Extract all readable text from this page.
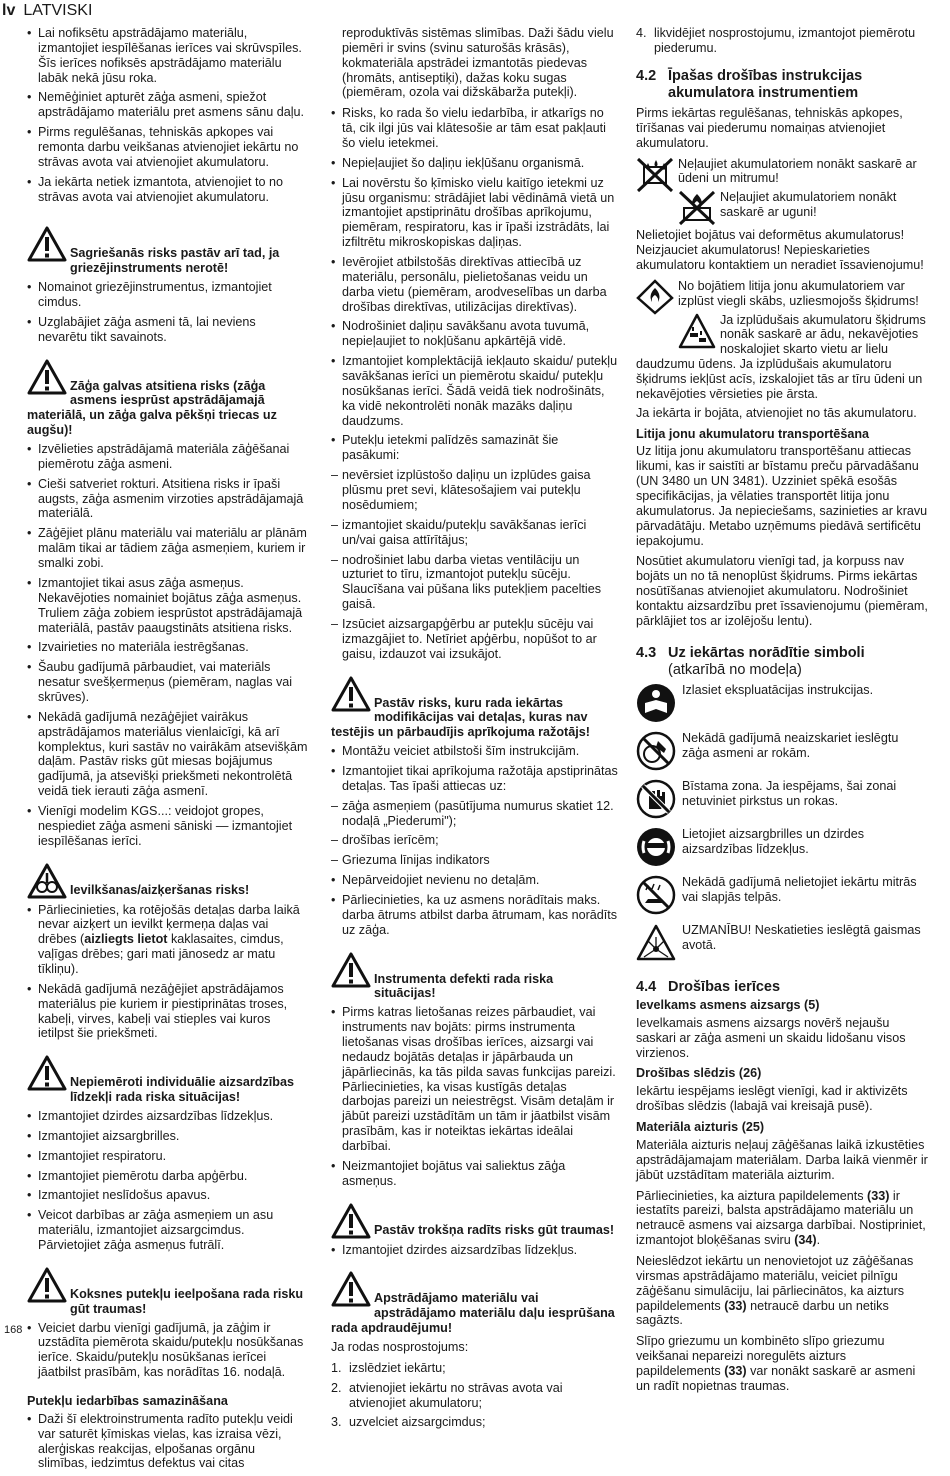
lv LATVISKI
• Lai nofiksētu apstrādājamo materiālu, izmantojiet iespīlēšanas ierīces vai skrūvspīles. Šīs ierīces nofiksēs apstrādājamo materiālu labāk nekā jūsu roka.
• Nemēģiniet apturēt zāģa asmeni, spiežot apstrādājamo materiālu pret asmens sānu daļu.
• Pirms regulēšanas, tehniskās apkopes vai remonta darbu veikšanas atvienojiet iekārtu no strāvas avota vai atvienojiet akumulatoru.
• Ja iekārta netiek izmantota, atvienojiet to no strāvas avota vai atvienojiet akumulatoru.
Sagriešanās risks pastāv arī tad, ja griezējinstruments nerotē!
• Nomainot griezējinstrumentus, izmantojiet cimdus.
• Uzglabājiet zāģa asmeni tā, lai neviens nevarētu tikt savainots.
Zāģa galvas atsitiena risks (zāģa asmens iesprūst apstrādājamajā materiālā, un zāģa galva pēkšņi triecas uz augšu)!
• Izvēlieties apstrādājamā materiāla zāģēšanai piemērotu zāģa asmeni.
• Cieši satveriet rokturi. Atsitiena risks ir īpaši augsts, zāģa asmenim virzoties apstrādājamajā materiālā.
• Zāģējiet plānu materiālu vai materiālu ar plānām malām tikai ar tādiem zāģa asmeņiem, kuriem ir smalki zobi.
• Izmantojiet tikai asus zāģa asmeņus. Nekavējoties nomainiet bojātus zāģa asmeņus. Truliem zāģa zobiem iesprūstot apstrādājamajā materiālā, pastāv paaugstināts atsitiena risks.
• Izvairieties no materiāla iestrēgšanas.
• Šaubu gadījumā pārbaudiet, vai materiāls nesatur svešķermeņus (piemēram, naglas vai skrūves).
• Nekādā gadījumā nezāģējiet vairākus apstrādājamos materiālus vienlaicīgi, kā arī komplektus, kuri sastāv no vairākām atsevišķām daļām. Pastāv risks gūt miesas bojājumus gadījumā, ja atsevišķi priekšmeti nekontrolētā veidā tiek ierauti zāģa asmenī.
• Vienīgi modelim KGS...: veidojot gropes, nespiediet zāģa asmeni sāniski — izmantojiet iespīlēšanas ierīci.
Ievilkšanas/aizķeršanas risks!
• Pārliecinieties, ka rotējošās detaļas darba laikā nevar aizķert un ievilkt ķermeņa daļas vai drēbes (aizliegts lietot kaklasaites, cimdus, vaļīgas drēbes; gari mati jānosedz ar matu tīkliņu).
• Nekādā gadījumā nezāģējiet apstrādājamos materiālus pie kuriem ir piestiprinātas troses, kabeļi, virves, kabeļi vai stieples vai kuros ietilpst šie priekšmeti.
Nepiemēroti individuālie aizsardzības līdzekļi rada riska situācijas!
• Izmantojiet dzirdes aizsardzības līdzekļus.
• Izmantojiet aizsargbrilles.
• Izmantojiet respiratoru.
• Izmantojiet piemērotu darba apģērbu.
• Izmantojiet neslīdošus apavus.
• Veicot darbības ar zāģa asmeņiem un asu materiālu, izmantojiet aizsargcimdus. Pārvietojiet zāģa asmeņus futrālī.
Koksnes putekļu ieelpošana rada risku gūt traumas!
• Veiciet darbu vienīgi gadījumā, ja zāģim ir uzstādīta piemērota skaidu/putekļu nosūkšanas ierīce. Skaidu/putekļu nosūkšanas ierīcei jāatbilst prasībām, kas norādītas 16. nodaļā.
Putekļu iedarbības samazināšana
• Daži šī elektroinstrumenta radīto putekļu veidi var saturēt ķīmiskas vielas, kas izraisa vēzi, alerģiskas reakcijas, elpošanas orgānu slimības, iedzimtus defektus vai citas

reproduktīvās sistēmas slimības. Daži šādu vielu piemēri ir svins (svinu saturošās krāsās), kokmateriāla apstrādei izmantotās piedevas (hromāts, antiseptiķi), dažas koku sugas (piemēram, ozola vai dižskābarža putekļi).

• Risks, ko rada šo vielu iedarbība, ir atkarīgs no tā, cik ilgi jūs vai klātesošie ar tām esat pakļauti šo vielu ietekmei.
• Nepieļaujiet šo daļiņu iekļūšanu organismā.
• Lai novērstu šo ķīmisko vielu kaitīgo ietekmi uz jūsu organismu: strādājiet labi vēdināmā vietā un izmantojiet apstiprinātu drošības aprīkojumu, piemēram, respiratoru, kas ir īpaši izstrādāts, lai izfiltrētu mikroskopiskas daļiņas.
• Ievērojiet atbilstošās direktīvas attiecībā uz materiālu, personālu, pielietošanas veidu un darba vietu (piemēram, arodveselības un darba drošības direktīvas, utilizācijas direktīvas).
• Nodrošiniet daļiņu savākšanu avota tuvumā, nepieļaujiet to nokļūšanu apkārtējā vidē.
• Izmantojiet komplektācijā iekļauto skaidu/ putekļu savākšanas ierīci un piemērotu skaidu/ putekļu nosūkšanas ierīci. Šādā veidā tiek nodrošināts, ka vidē nekontrolēti nonāk mazāks daļiņu daudzums.
• Putekļu ietekmi palīdzēs samazināt šie pasākumi:
– nevērsiet izplūstošo daļiņu un izplūdes gaisa plūsmu pret sevi, klātesošajiem vai putekļu nosēdumiem;
– izmantojiet skaidu/putekļu savākšanas ierīci un/vai gaisa attīrītājus;
– nodrošiniet labu darba vietas ventilāciju un uzturiet to tīru, izmantojot putekļu sūcēju. Slaucīšana vai pūšana liks putekļiem pacelties gaisā.
– Izsūciet aizsargapģērbu ar putekļu sūcēju vai izmazgājiet to. Netīriet apģērbu, nopūšot to ar gaisu, izdauzot vai izsukājot.
Pastāv risks, kuru rada iekārtas modifikācijas vai detaļas, kuras nav testējis un pārbaudījis aprīkojuma ražotājs!
• Montāžu veiciet atbilstoši šīm instrukcijām.
• Izmantojiet tikai aprīkojuma ražotāja apstiprinātas detaļas. Tas īpaši attiecas uz:
– zāģa asmeņiem (pasūtījuma numurus skatiet 12. nodaļā „Piederumi");
– drošības ierīcēm;
– Griezuma līnijas indikators
• Nepārveidojiet nevienu no detaļām.
• Pārliecinieties, ka uz asmens norādītais maks. darba ātrums atbilst darba ātrumam, kas norādīts uz zāģa.
Instrumenta defekti rada riska situācijas!
• Pirms katras lietošanas reizes pārbaudiet, vai instruments nav bojāts: pirms instrumenta lietošanas visas drošības ierīces, aizsargi vai nedaudz bojātās detaļas ir jāpārbauda un jāpārliecinās, ka tās pilda savas funkcijas pareizi. Pārliecinieties, ka visas kustīgās detaļas darbojas pareizi un neiestrēgst. Visām detaļām ir jābūt pareizi uzstādītām un tām ir jāatbilst visām prasībām, kas ir noteiktas iekārtas ideālai darbībai.
• Neizmantojiet bojātus vai saliektus zāģa asmeņus.
Pastāv trokšņa radīts risks gūt traumas!
• Izmantojiet dzirdes aizsardzības līdzekļus.
Apstrādājamo materiālu vai apstrādājamo materiālu daļu iesprūšana rada apdraudējumu!

Ja rodas nosprostojums:

1. izslēdziet iekārtu;
2. atvienojiet iekārtu no strāvas avota vai atvienojiet akumulatoru;
3. uzvelciet aizsargcimdus;
4. likvidējiet nosprostojumu, izmantojot piemērotu piederumu.
4.2 Īpašas drošības instrukcijas akumulatora instrumentiem

Pirms iekārtas regulēšanas, tehniskās apkopes, tīrīšanas vai piederumu nomaiņas atvienojiet akumulatoru.

Neļaujiet akumulatoriem nonākt saskarē ar ūdeni un mitrumu!
Neļaujiet akumulatoriem nonākt saskarē ar uguni!

Nelietojiet bojātus vai deformētus akumulatorus! Neizjauciet akumulatorus! Nepieskarieties akumulatoru kontaktiem un neradiet īssavienojumu!

No bojātiem litija jonu akumulatoriem var izplūst viegli skābs, uzliesmojošs šķidrums!
Ja izplūdušais akumulatoru šķidrums nonāk saskarē ar ādu, nekavējoties noskalojiet skarto vietu ar lielu daudzumu ūdens. Ja izplūdušais akumulatoru šķidrums iekļūst acīs, izskalojiet tās ar tīru ūdeni un nekavējoties vērsieties pie ārsta.

Ja iekārta ir bojāta, atvienojiet no tās akumulatoru.

Litija jonu akumulatoru transportēšana

Uz litija jonu akumulatoru transportēšanu attiecas likumi, kas ir saistīti ar bīstamu preču pārvadāšanu (UN 3480 un UN 3481). Uzziniet spēkā esošās specifikācijas, ja vēlaties transportēt litija jonu akumulatorus. Ja nepieciešams, sazinieties ar kravu pārvadātāju. Metabo uzņēmums piedāvā sertificētu iepakojumu.

Nosūtiet akumulatoru vienīgi tad, ja korpuss nav bojāts un no tā nenoplūst šķidrums. Pirms iekārtas nosūtīšanas atvienojiet akumulatoru. Nodrošiniet kontaktu aizsardzību pret īssavienojumu (piemēram, pārklājiet tos ar izolējošu lentu).

4.3 Uz iekārtas norādītie simboli
(atkarībā no modeļa)
Izlasiet ekspluatācijas instrukcijas.
Nekādā gadījumā neaizskariet ieslēgtu zāģa asmeni ar rokām.
Bīstama zona. Ja iespējams, šai zonai netuviniet pirkstus un rokas.
Lietojiet aizsargbrilles un dzirdes aizsardzības līdzekļus.
Nekādā gadījumā nelietojiet iekārtu mitrās vai slapjās telpās.
UZMANĪBU! Neskatieties ieslēgtā gaismas avotā.
4.4 Drošības ierīces
Ievelkams asmens aizsargs (5)

Ievelkamais asmens aizsargs novērš nejaušu saskari ar zāģa asmeni un skaidu lidošanu visos virzienos.

Drošības slēdzis (26)

Iekārtu iespējams ieslēgt vienīgi, kad ir aktivizēts drošības slēdzis (labajā vai kreisajā pusē).

Materiāla aizturis (25)

Materiāla aizturis neļauj zāģēšanas laikā izkustēties apstrādājamajam materiālam. Darba laikā vienmēr ir jābūt uzstādītam materiāla aizturim.

Pārliecinieties, ka aiztura papildelements (33) ir iestatīts pareizi, balsta apstrādājamo materiālu un netraucē asmens vai aizsarga darbībai. Nostipriniet, izmantojot bloķēšanas sviru (34).

Neieslēdzot iekārtu un nenovietojot uz zāģēšanas virsmas apstrādājamo materiālu, veiciet pilnīgu zāģēšanu simulāciju, lai pārliecinātos, ka aizturs papildelements (33) netraucē darbu un netiks sagāzts.

Slīpo griezumu un kombinēto slīpo griezumu veikšanai nepareizi noregulēts aizturs papildelements (33) var nonākt saskarē ar asmeni un radīt nopietnas traumas.

168
